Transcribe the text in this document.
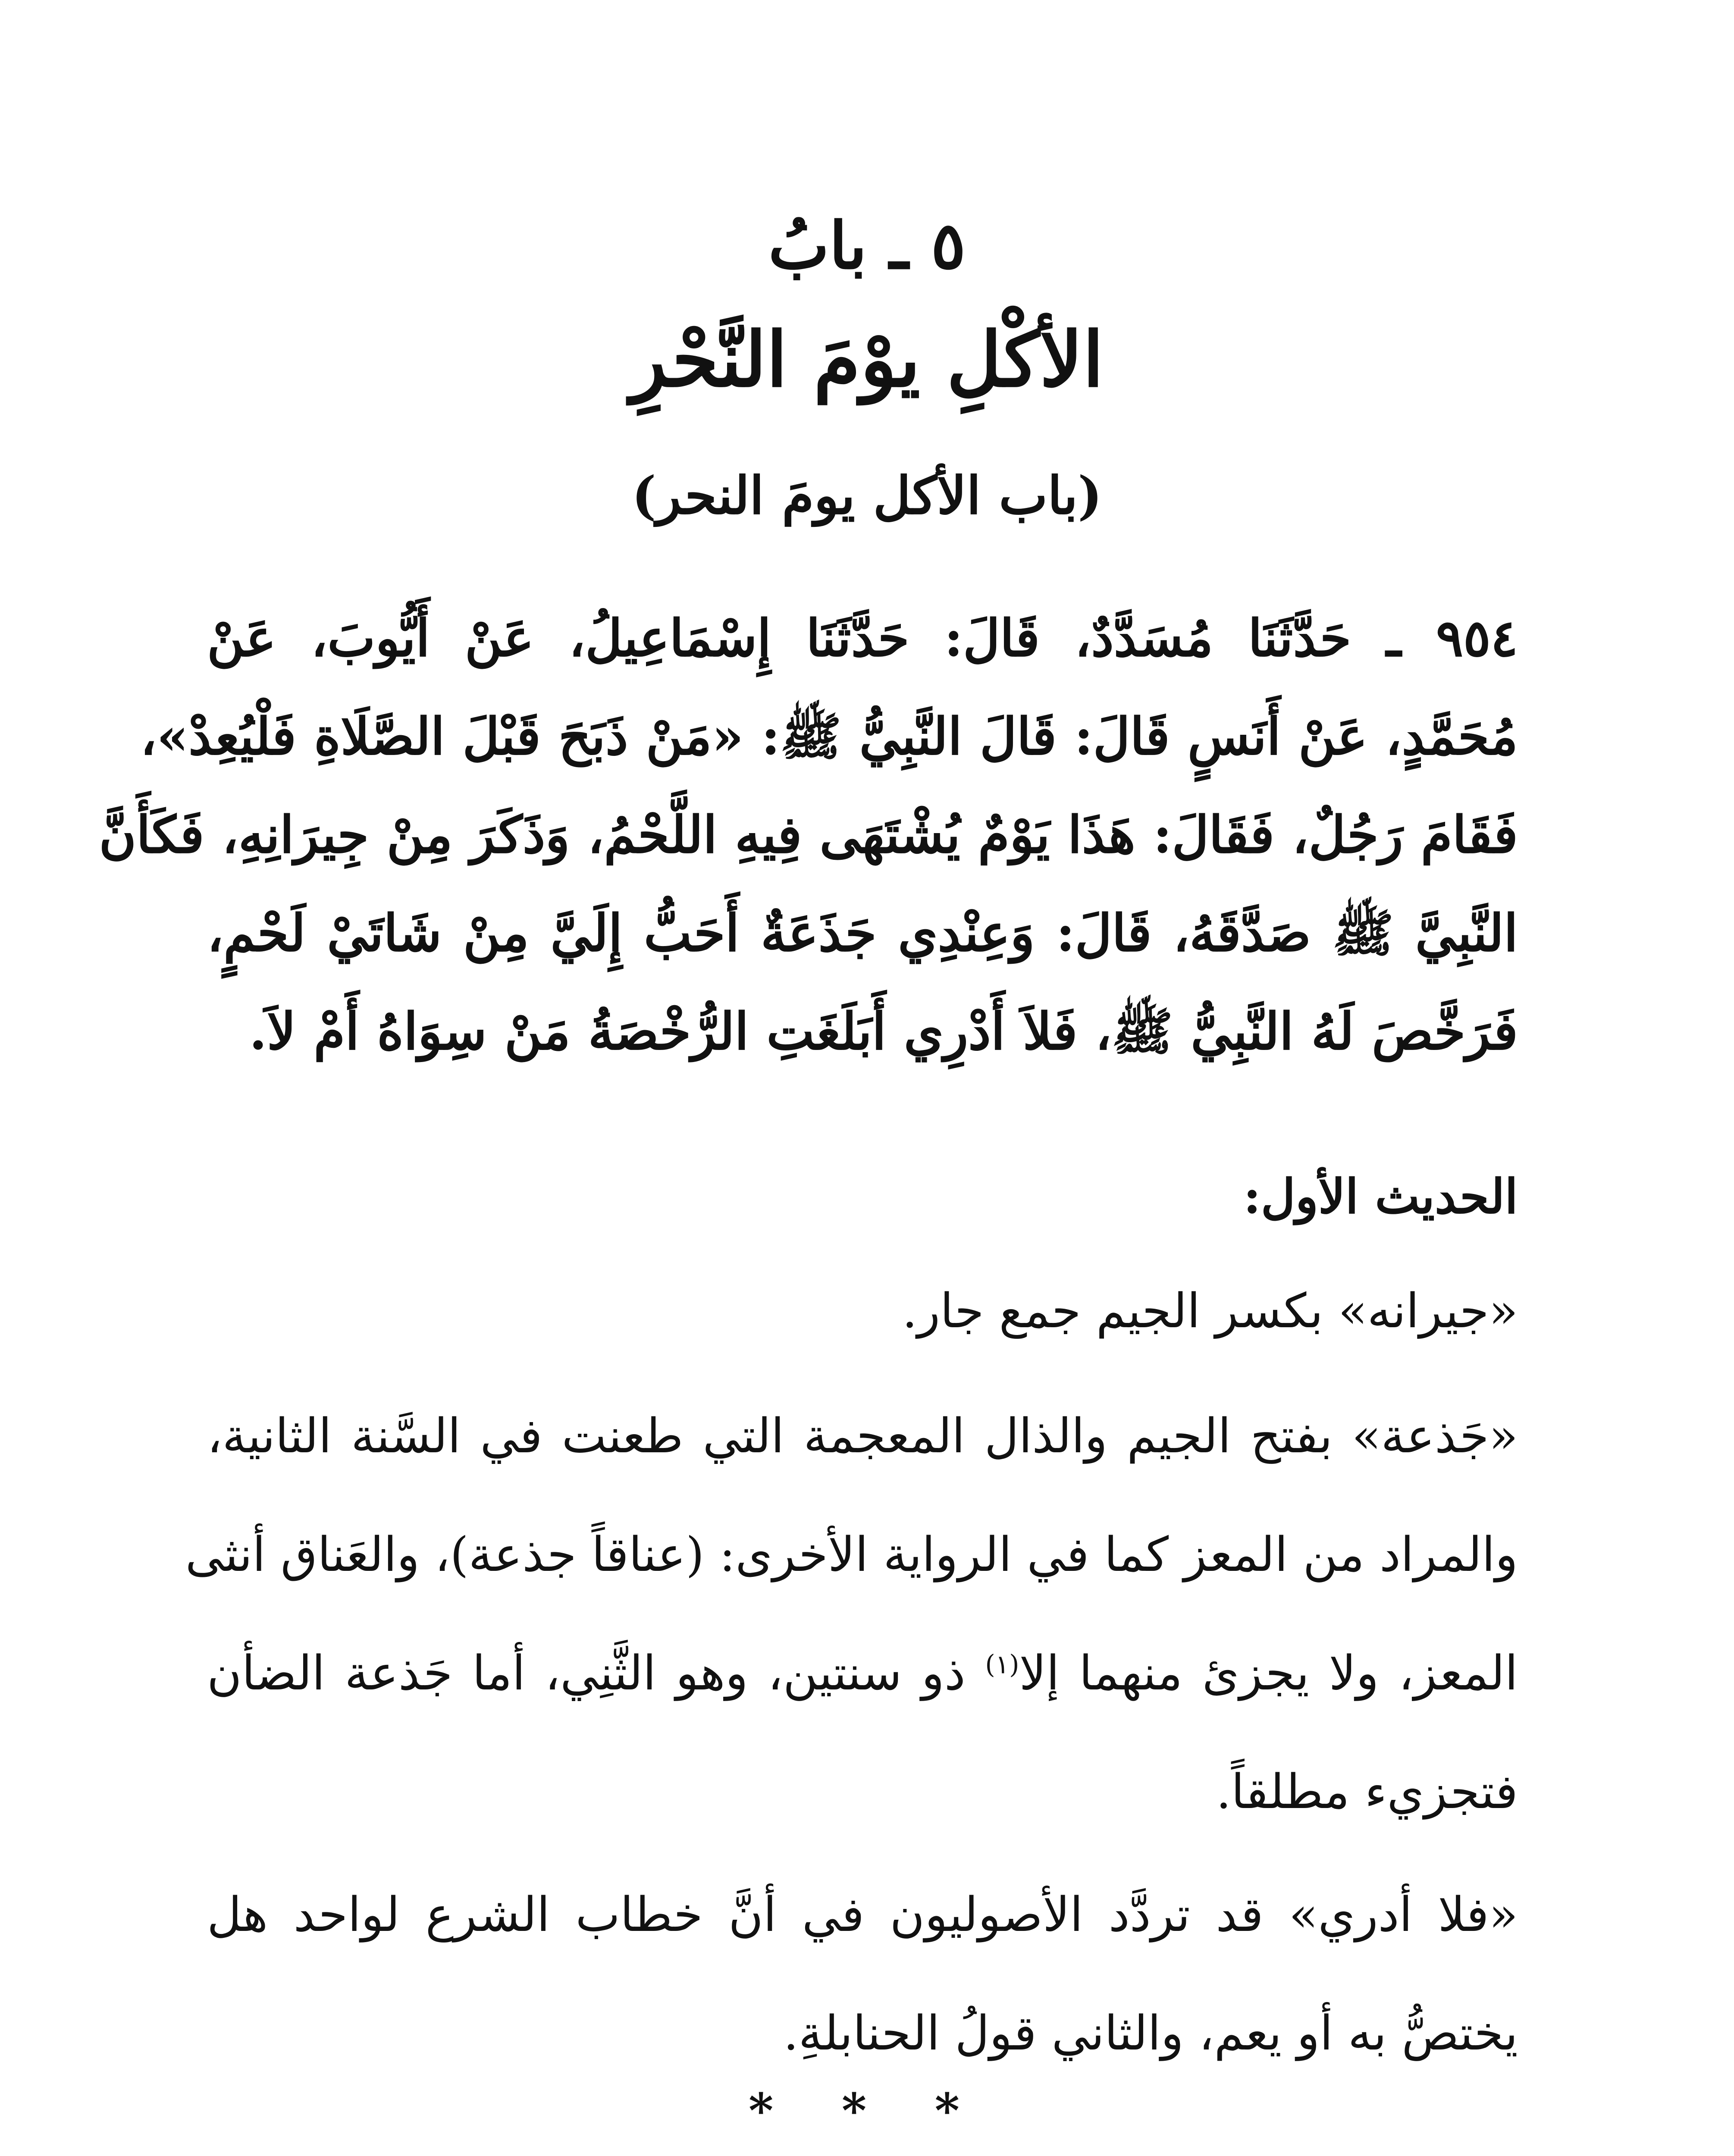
٥ ـ بابُ
الأكْلِ يوْمَ النَّحْرِ
(باب الأكل يومَ النحر)
٩٥٤ ـ حَدَّثَنَا مُسَدَّدٌ، قَالَ: حَدَّثَنَا إِسْمَاعِيلُ، عَنْ أَيُّوبَ، عَنْ
مُحَمَّدٍ، عَنْ أَنَسٍ قَالَ: قَالَ النَّبِيُّ ﷺ: «مَنْ ذَبَحَ قَبْلَ الصَّلَاةِ فَلْيُعِدْ»،
فَقَامَ رَجُلٌ، فَقَالَ: هَذَا يَوْمٌ يُشْتَهَى فِيهِ اللَّحْمُ، وَذَكَرَ مِنْ جِيرَانِهِ، فَكَأَنَّ
النَّبِيَّ ﷺ صَدَّقَهُ، قَالَ: وَعِنْدِي جَذَعَةٌ أَحَبُّ إِلَيَّ مِنْ شَاتَيْ لَحْمٍ،
فَرَخَّصَ لَهُ النَّبِيُّ ﷺ، فَلاَ أَدْرِي أَبَلَغَتِ الرُّخْصَةُ مَنْ سِوَاهُ أَمْ لاَ.
الحديث الأول:
«جيرانه» بكسر الجيم جمع جار.
«جَذعة» بفتح الجيم والذال المعجمة التي طعنت في السَّنة الثانية،
والمراد من المعز كما في الرواية الأخرى: (عناقاً جذعة)، والعَناق أنثى
المعز، ولا يجزئ منهما إلا$^{(١)}$ ذو سنتين، وهو الثَّنِي، أما جَذعة الضأن
فتجزيء مطلقاً.
«فلا أدري» قد تردَّد الأصوليون في أنَّ خطاب الشرع لواحد هل
يختصُّ به أو يعم، والثاني قولُ الحنابلةِ.
* * *
